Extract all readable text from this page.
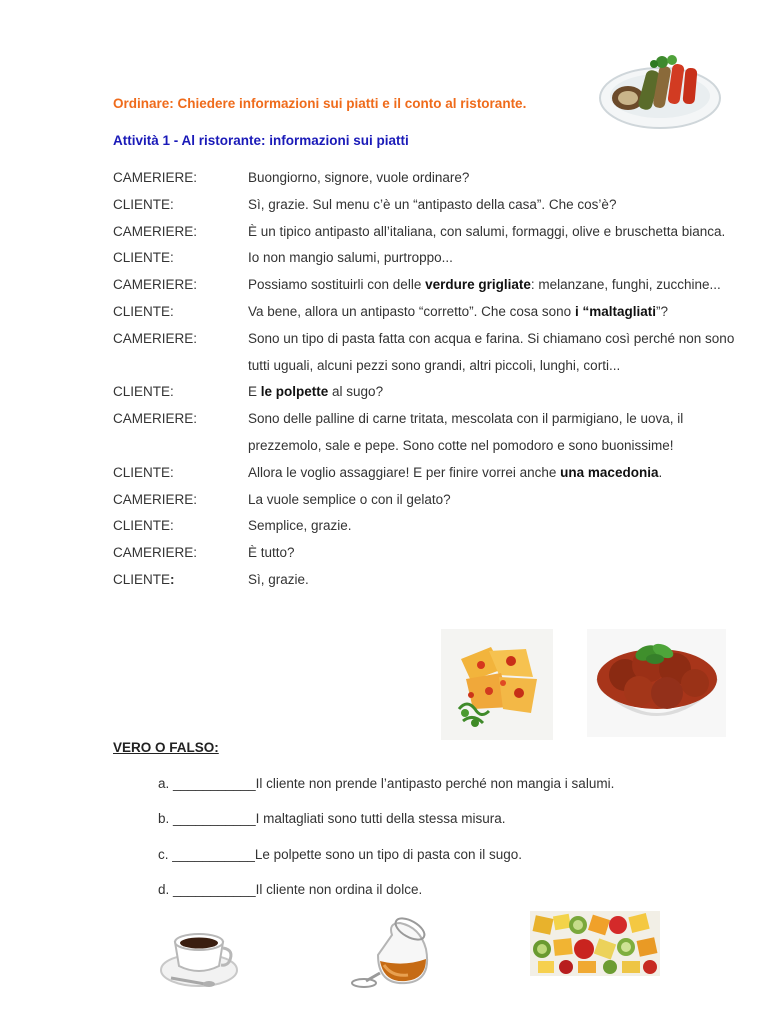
Ordinare: Chiedere informazioni sui piatti e il conto al ristorante.
Attività 1 - Al ristorante: informazioni sui piatti
CAMERIERE:	Buongiorno, signore, vuole ordinare?
CLIENTE:	Sì, grazie. Sul menu c’è un “antipasto della casa”. Che cos’è?
CAMERIERE:	È un tipico antipasto all’italiana, con salumi, formaggi, olive e bruschetta bianca.
CLIENTE:	Io non mangio salumi, purtroppo...
CAMERIERE:	Possiamo sostituirli con delle verdure grigliate: melanzane, funghi, zucchine...
CLIENTE:	Va bene, allora un antipasto “corretto”. Che cosa sono i “maltagliati”?
CAMERIERE:	Sono un tipo di pasta fatta con acqua e farina. Si chiamano così perché non sono tutti uguali, alcuni pezzi sono grandi, altri piccoli, lunghi, corti...
CLIENTE:	E le polpette al sugo?
CAMERIERE:	Sono delle palline di carne tritata, mescolata con il parmigiano, le uova, il prezzemolo, sale e pepe. Sono cotte nel pomodoro e sono buonissime!
CLIENTE:	Allora le voglio assaggiare! E per finire vorrei anche una macedonia.
CAMERIERE:	La vuole semplice o con il gelato?
CLIENTE:	Semplice, grazie.
CAMERIERE:	È tutto?
CLIENTE:	Sì, grazie.
VERO O FALSO:
a. ___________Il cliente non prende l’antipasto perché non mangia i salumi.
b. ___________I maltagliati sono tutti della stessa misura.
c. ___________Le polpette sono un tipo di pasta con il sugo.
d. ___________Il cliente non ordina il dolce.
